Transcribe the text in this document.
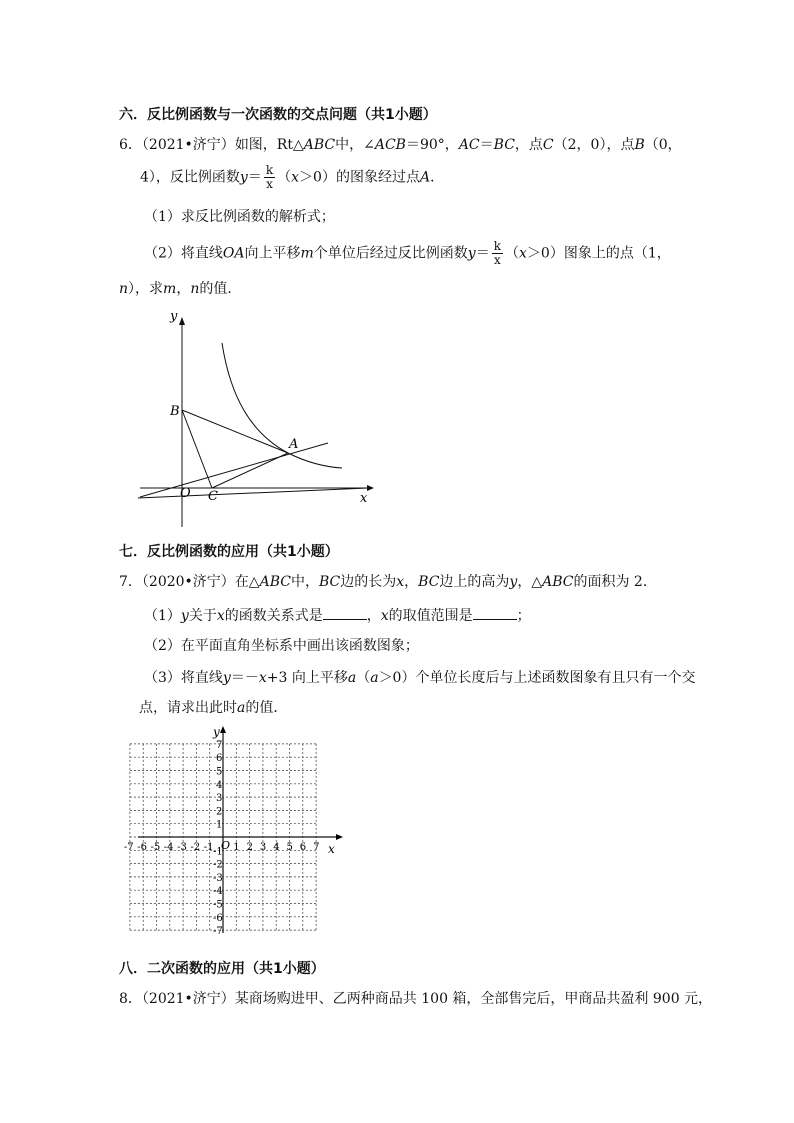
六．反比例函数与一次函数的交点问题（共1小题）
6．（2021•济宁）如图，Rt△ABC中，∠ACB＝90°，AC＝BC，点C（2，0），点B（0，
4），反比例函数$y= \frac{k}{x} (x>0)$的图象经过点A．
（1）求反比例函数的解析式；
（2）将直线OA向上平移m个单位后经过反比例函数$y= \frac{k}{x} (x>0)$图象上的点（1，
n），求m，n的值．
y
x
B
A
O C
七．反比例函数的应用（共1小题）
7．（2020•济宁）在△ABC中，BC边的长为x，BC边上的高为y，△ABC的面积为 2．
（1）y关于x的函数关系式是	，x的取值范围是	；
（2）在平面直角坐标系中画出该函数图象；
（3）将直线y＝－x+3 向上平移a（a＞0）个单位长度后与上述函数图象有且只有一个交
点，请求出此时a的值．
-7 -6 -5 -4 -3 -2 -1 1 2 3 4 5 6 7
7
6
5
4
3
2
1
-1
-2
-3
-4
-5
-6
-7
x
y
O
八．二次函数的应用（共1小题）
8．（2021•济宁）某商场购进甲、乙两种商品共 100 箱，全部售完后，甲商品共盈利 900 元，
